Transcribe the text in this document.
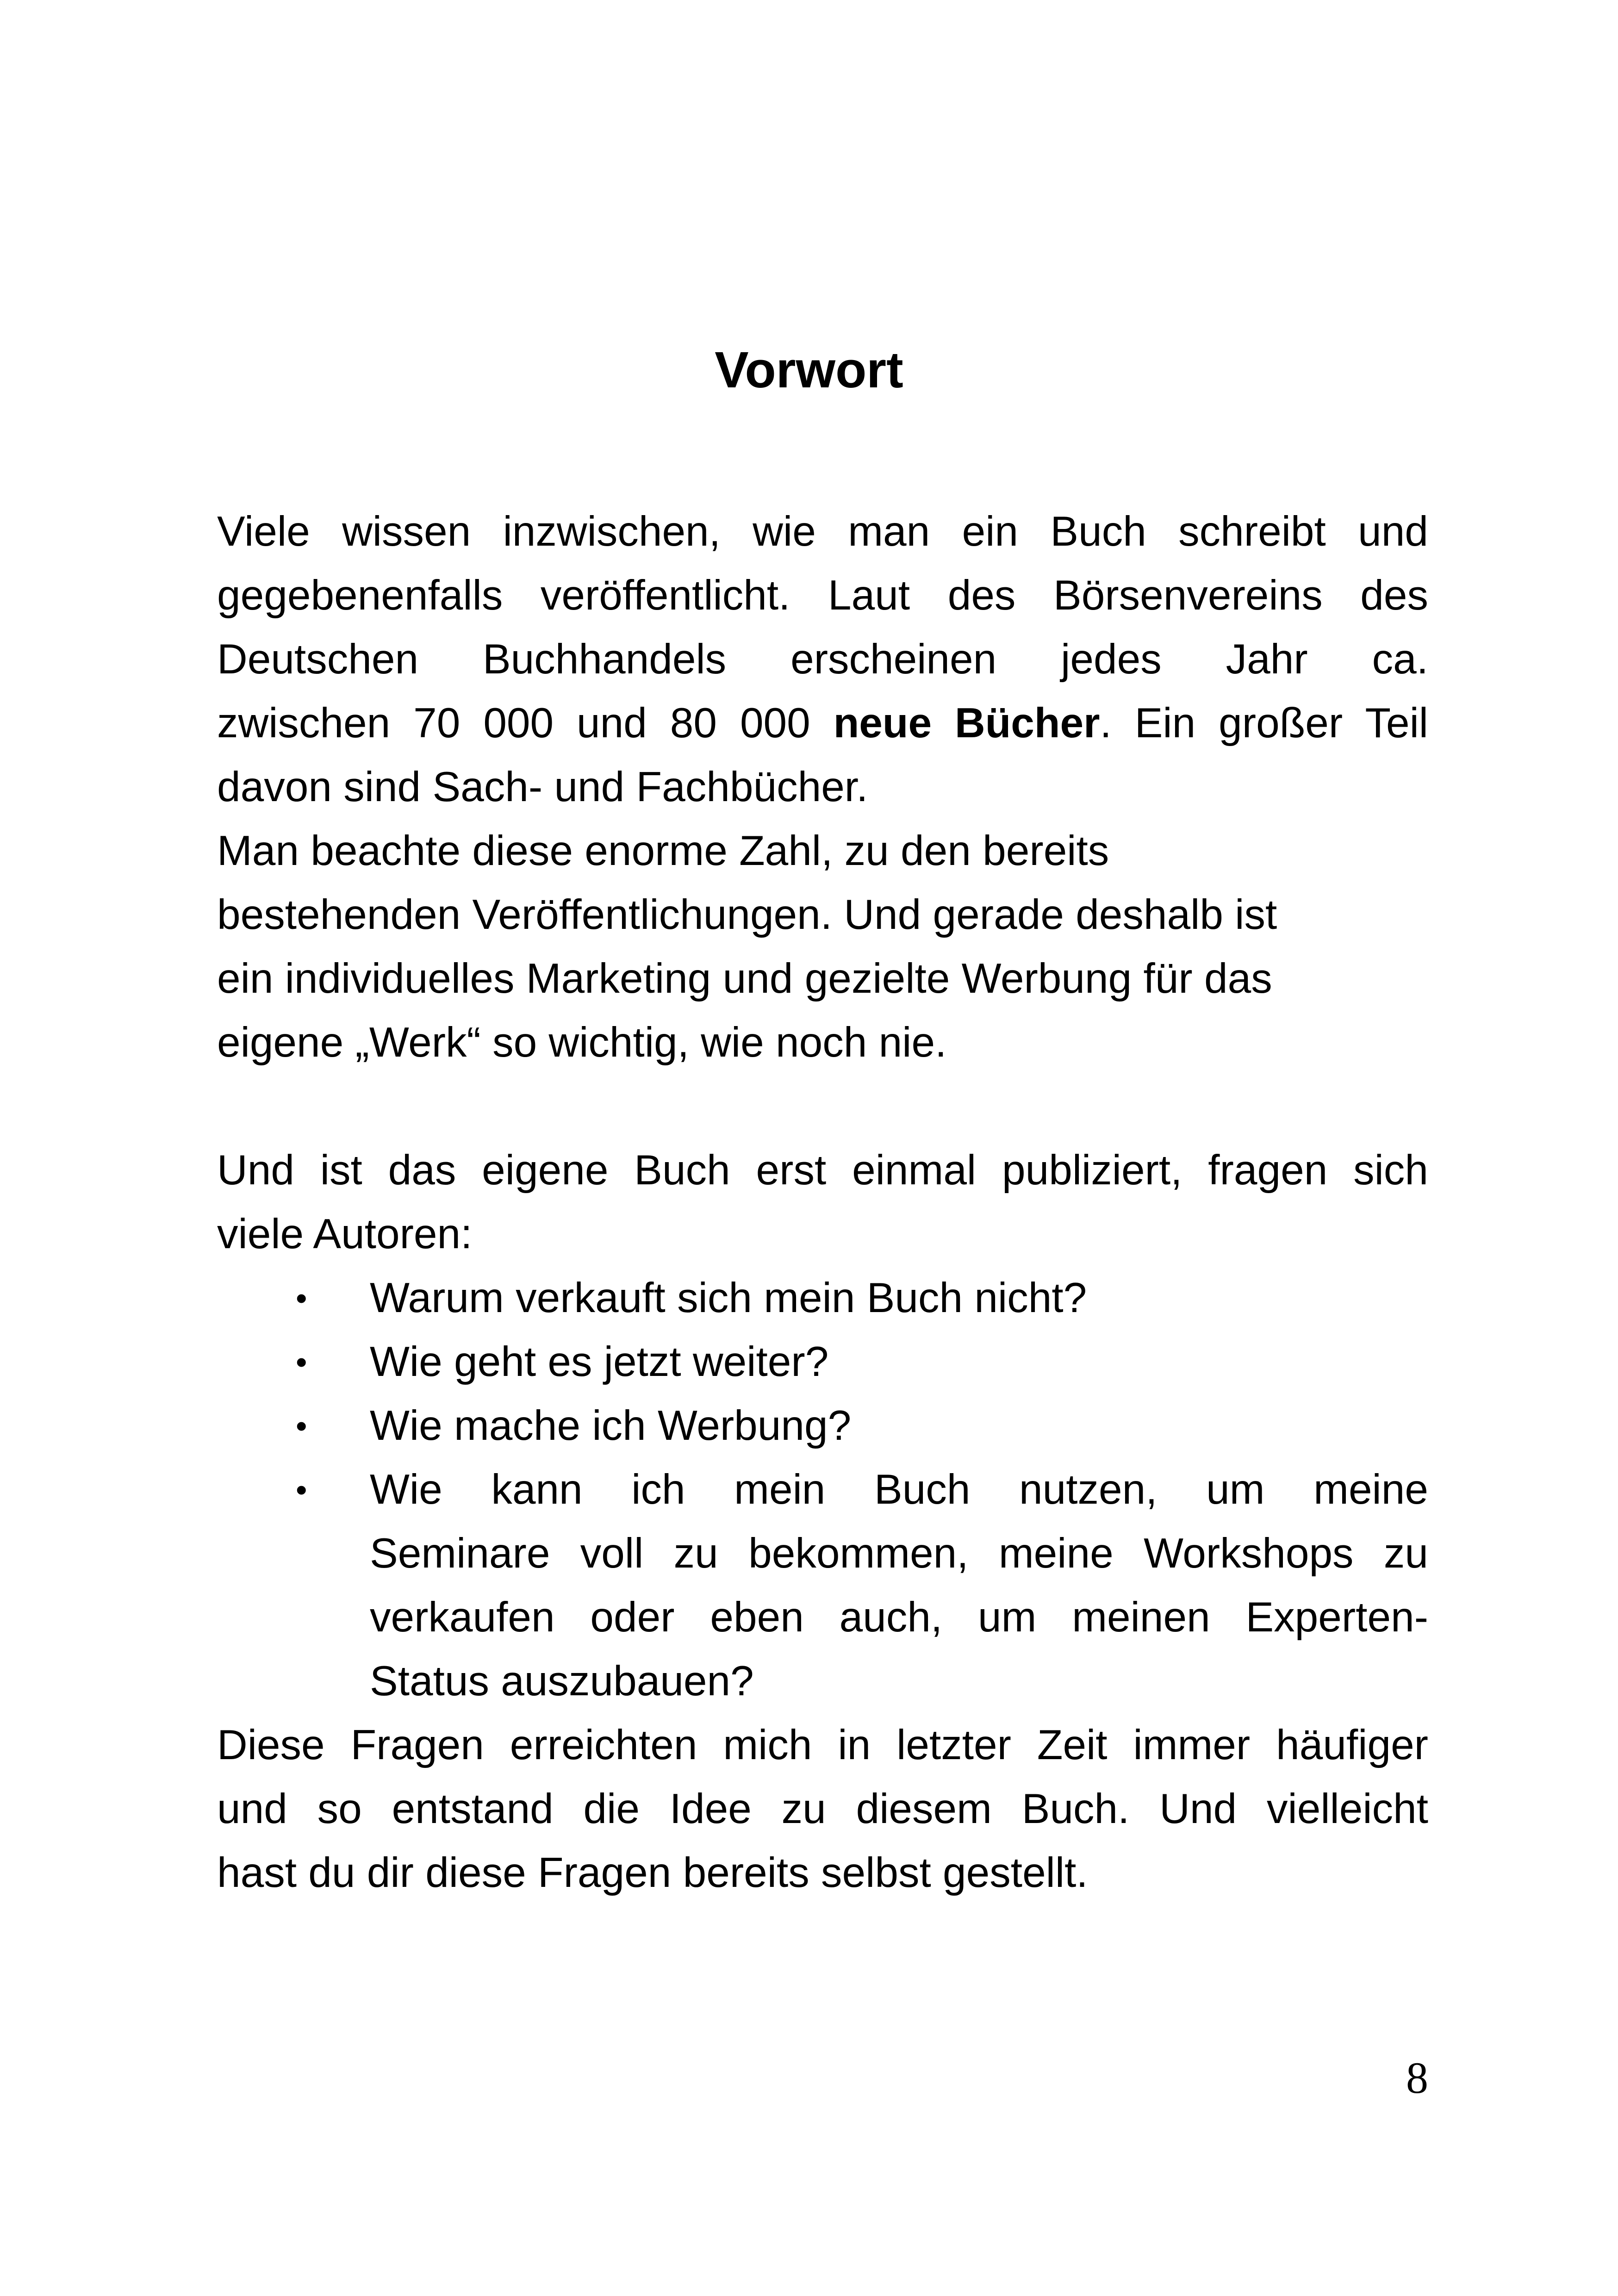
Vorwort

Viele wissen inzwischen, wie man ein Buch schreibt und
gegebenenfalls veröffentlicht. Laut des Börsenvereins des
Deutschen Buchhandels erscheinen jedes Jahr ca.
zwischen 70 000 und 80 000 neue Bücher. Ein großer Teil
davon sind Sach- und Fachbücher.

Man beachte diese enorme Zahl, zu den bereits
bestehenden Veröffentlichungen. Und gerade deshalb ist
ein individuelles Marketing und gezielte Werbung für das
eigene „Werk“ so wichtig, wie noch nie.

Und ist das eigene Buch erst einmal publiziert, fragen sich
viele Autoren:

• Warum verkauft sich mein Buch nicht?
• Wie geht es jetzt weiter?
• Wie mache ich Werbung?
• Wie kann ich mein Buch nutzen, um meine
Seminare voll zu bekommen, meine Workshops zu
verkaufen oder eben auch, um meinen Experten-
Status auszubauen?

Diese Fragen erreichten mich in letzter Zeit immer häufiger
und so entstand die Idee zu diesem Buch. Und vielleicht
hast du dir diese Fragen bereits selbst gestellt.

8
